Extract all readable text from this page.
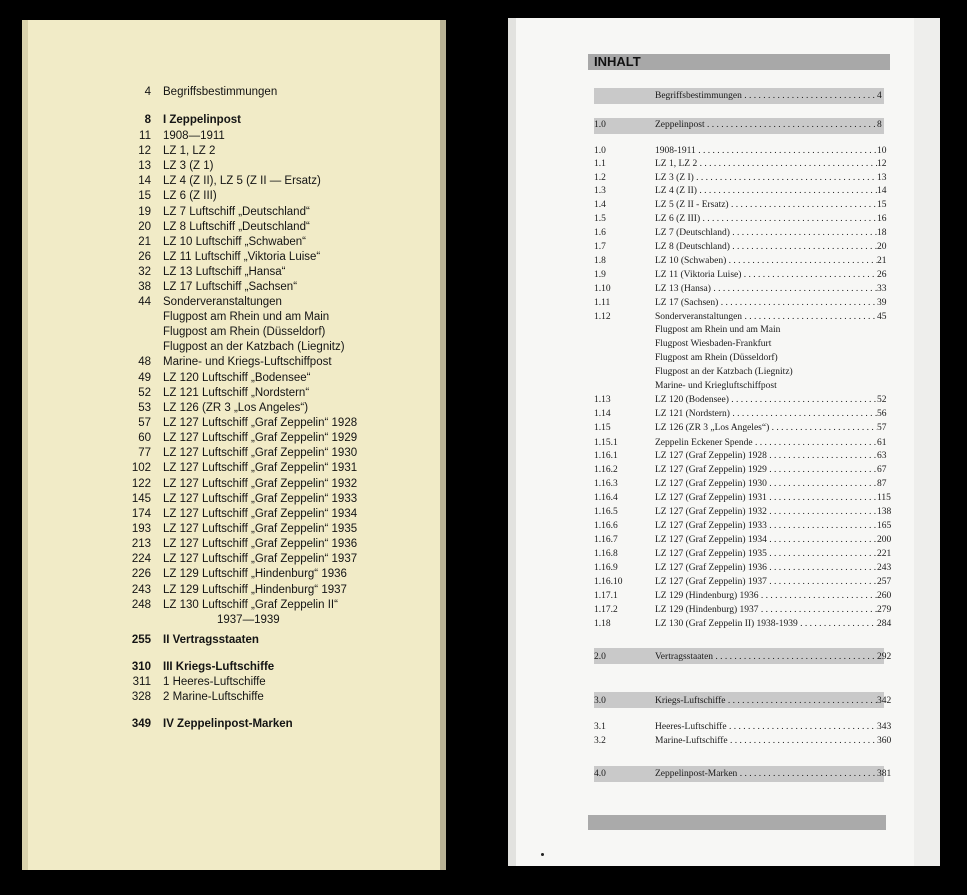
4 Begriffsbestimmungen
8 I Zeppelinpost
11 1908—1911
12 LZ 1, LZ 2
13 LZ 3 (Z 1)
14 LZ 4 (Z II), LZ 5 (Z II — Ersatz)
15 LZ 6 (Z III)
19 LZ 7 Luftschiff „Deutschland“
20 LZ 8 Luftschiff „Deutschland“
21 LZ 10 Luftschiff „Schwaben“
26 LZ 11 Luftschiff „Viktoria Luise“
32 LZ 13 Luftschiff „Hansa“
38 LZ 17 Luftschiff „Sachsen“
44 Sonderveranstaltungen
Flugpost am Rhein und am Main
Flugpost am Rhein (Düsseldorf)
Flugpost an der Katzbach (Liegnitz)
48 Marine- und Kriegs-Luftschiffpost
49 LZ 120 Luftschiff „Bodensee“
52 LZ 121 Luftschiff „Nordstern“
53 LZ 126 (ZR 3 „Los Angeles“)
57 LZ 127 Luftschiff „Graf Zeppelin“ 1928
60 LZ 127 Luftschiff „Graf Zeppelin“ 1929
77 LZ 127 Luftschiff „Graf Zeppelin“ 1930
102 LZ 127 Luftschiff „Graf Zeppelin“ 1931
122 LZ 127 Luftschiff „Graf Zeppelin“ 1932
145 LZ 127 Luftschiff „Graf Zeppelin“ 1933
174 LZ 127 Luftschiff „Graf Zeppelin“ 1934
193 LZ 127 Luftschiff „Graf Zeppelin“ 1935
213 LZ 127 Luftschiff „Graf Zeppelin“ 1936
224 LZ 127 Luftschiff „Graf Zeppelin“ 1937
226 LZ 129 Luftschiff „Hindenburg“ 1936
243 LZ 129 Luftschiff „Hindenburg“ 1937
248 LZ 130 Luftschiff „Graf Zeppelin II“
1937—1939
255 II Vertragsstaaten
310 III Kriegs-Luftschiffe
311 1 Heeres-Luftschiffe
328 2 Marine-Luftschiffe
349 IV Zeppelinpost-Marken
INHALT
Begriffsbestimmungen . . .	4
1.0	Zeppelinpost . . .	8
1.0	1908-1911 . . .	10
1.1	LZ 1, LZ 2 . . .	12
1.2	LZ 3 (Z I) . . .	13
1.3	LZ 4 (Z II) . . .	14
1.4	LZ 5 (Z II - Ersatz) . . .	15
1.5	LZ 6 (Z III) . . .	16
1.6	LZ 7 (Deutschland) . . .	18
1.7	LZ 8 (Deutschland) . . .	20
1.8	LZ 10 (Schwaben) . . .	21
1.9	LZ 11 (Viktoria Luise) . . .	26
1.10	LZ 13 (Hansa) . . .	33
1.11	LZ 17 (Sachsen) . . .	39
1.12	Sonderveranstaltungen . . .	45
Flugpost am Rhein und am Main
Flugpost Wiesbaden-Frankfurt
Flugpost am Rhein (Düsseldorf)
Flugpost an der Katzbach (Liegnitz)
Marine- und Kriegluftschiffpost
1.13	LZ 120 (Bodensee) . . .	52
1.14	LZ 121 (Nordstern) . . .	56
1.15	LZ 126 (ZR 3 „Los Angeles“) . . .	57
1.15.1	Zeppelin Eckener Spende . . .	61
1.16.1	LZ 127 (Graf Zeppelin) 1928 . . .	63
1.16.2	LZ 127 (Graf Zeppelin) 1929 . . .	67
1.16.3	LZ 127 (Graf Zeppelin) 1930 . . .	87
1.16.4	LZ 127 (Graf Zeppelin) 1931 . . .	115
1.16.5	LZ 127 (Graf Zeppelin) 1932 . . .	138
1.16.6	LZ 127 (Graf Zeppelin) 1933 . . .	165
1.16.7	LZ 127 (Graf Zeppelin) 1934 . . .	200
1.16.8	LZ 127 (Graf Zeppelin) 1935 . . .	221
1.16.9	LZ 127 (Graf Zeppelin) 1936 . . .	243
1.16.10	LZ 127 (Graf Zeppelin) 1937 . . .	257
1.17.1	LZ 129 (Hindenburg) 1936 . . .	260
1.17.2	LZ 129 (Hindenburg) 1937 . . .	279
1.18	LZ 130 (Graf Zeppelin II) 1938-1939 . . .	284
2.0	Vertragsstaaten . . .	292
3.0	Kriegs-Luftschiffe . . .	342
3.1	Heeres-Luftschiffe . . .	343
3.2	Marine-Luftschiffe . . .	360
4.0	Zeppelinpost-Marken . . .	381
